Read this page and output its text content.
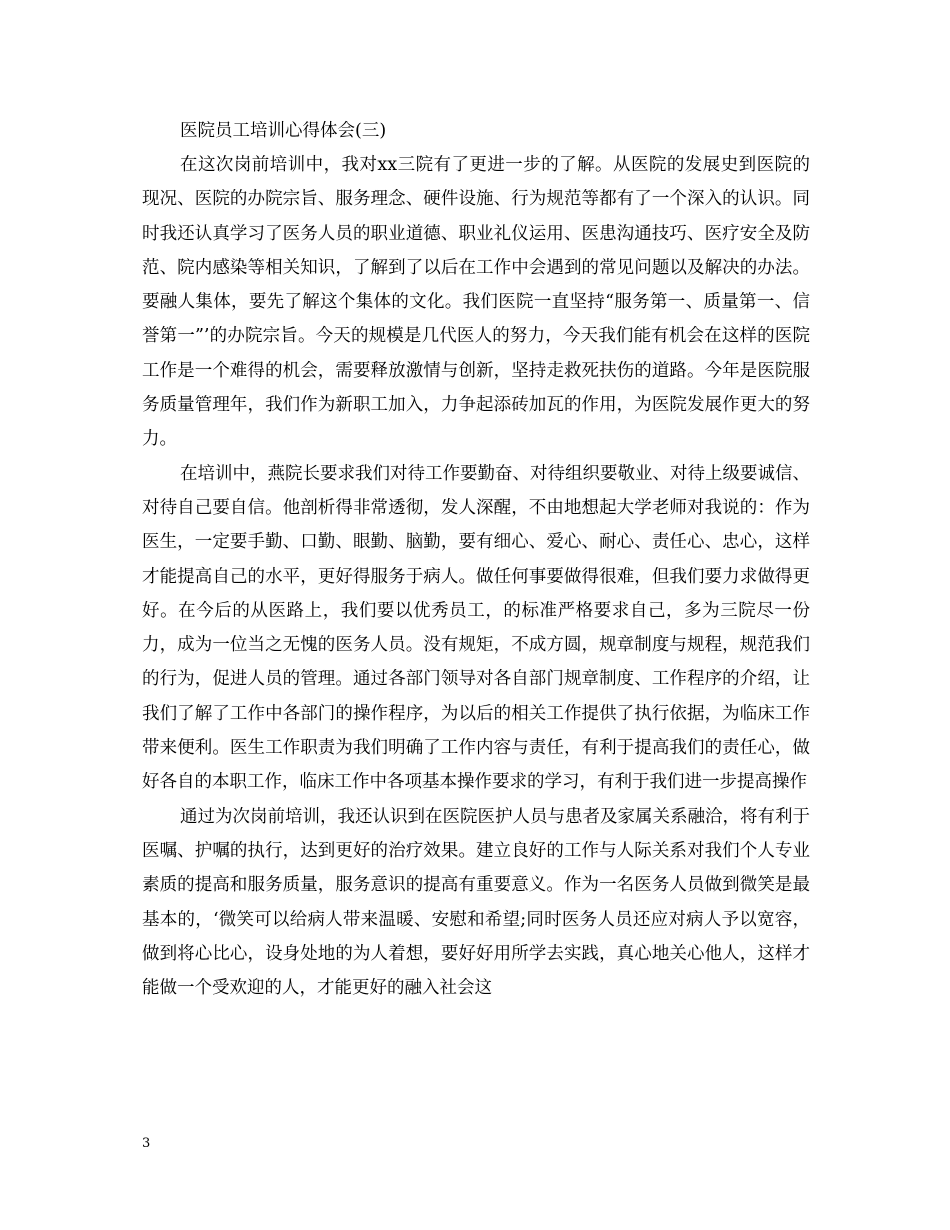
医院员工培训心得体会(三)

在这次岗前培训中，我对xx三院有了更进一步的了解。从医院的发展史到医院的现况、医院的办院宗旨、服务理念、硬件设施、行为规范等都有了一个深入的认识。同时我还认真学习了医务人员的职业道德、职业礼仪运用、医患沟通技巧、医疗安全及防范、院内感染等相关知识，了解到了以后在工作中会遇到的常见问题以及解决的办法。要融人集体，要先了解这个集体的文化。我们医院一直坚持“服务第一、质量第一、信誉第一”’的办院宗旨。今天的规模是几代医人的努力，今天我们能有机会在这样的医院工作是一个难得的机会，需要释放激情与创新，坚持走救死扶伤的道路。今年是医院服务质量管理年，我们作为新职工加入，力争起添砖加瓦的作用，为医院发展作更大的努力。

在培训中，燕院长要求我们对待工作要勤奋、对待组织要敬业、对待上级要诚信、对待自己要自信。他剖析得非常透彻，发人深醒，不由地想起大学老师对我说的：作为医生，一定要手勤、口勤、眼勤、脑勤，要有细心、爱心、耐心、责任心、忠心，这样才能提高自己的水平，更好得服务于病人。做任何事要做得很难，但我们要力求做得更好。在今后的从医路上，我们要以优秀员工，的标准严格要求自己，多为三院尽一份力，成为一位当之无愧的医务人员。没有规矩，不成方圆，规章制度与规程，规范我们的行为，促进人员的管理。通过各部门领导对各自部门规章制度、工作程序的介绍，让我们了解了工作中各部门的操作程序，为以后的相关工作提供了执行依据，为临床工作带来便利。医生工作职责为我们明确了工作内容与责任，有利于提高我们的责任心，做好各自的本职工作，临床工作中各项基本操作要求的学习，有利于我们进一步提高操作

通过为次岗前培训，我还认识到在医院医护人员与患者及家属关系融洽，将有利于医嘱、护嘱的执行，达到更好的治疗效果。建立良好的工作与人际关系对我们个人专业素质的提高和服务质量，服务意识的提高有重要意义。作为一名医务人员做到微笑是最基本的，‘微笑可以给病人带来温暖、安慰和希望;同时医务人员还应对病人予以宽容，做到将心比心，设身处地的为人着想，要好好用所学去实践，真心地关心他人，这样才能做一个受欢迎的人，才能更好的融入社会这

3
